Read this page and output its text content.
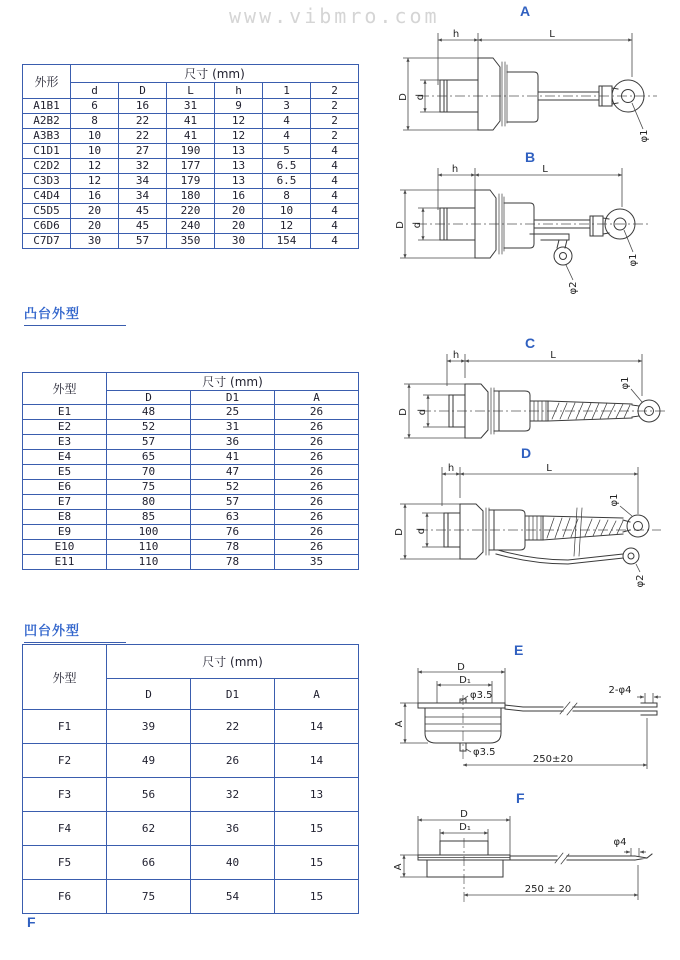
www.vibmro.com	A
B
C
D
E
F
凸台外型
凹台外型
外形	尺寸 (mm)					
	d	D	L	h	1	2
A1B1	6	16	31	9	3	2
A2B2	8	22	41	12	4	2
A3B3	10	22	41	12	4	2
C1D1	10	27	190	13	5	4
C2D2	12	32	177	13	6.5	4
C3D3	12	34	179	13	6.5	4
C4D4	16	34	180	16	8	4
C5D5	20	45	220	20	10	4
C6D6	20	45	240	20	12	4
C7D7	30	57	350	30	154	4
外型	尺寸 (mm)		
	D	D1	A
E1	48	25	26
E2	52	31	26
E3	57	36	26
E4	65	41	26
E5	70	47	26
E6	75	52	26
E7	80	57	26
E8	85	63	26
E9	100	76	26
E10	110	78	26
E11	110	78	35
外型	尺寸 (mm)		
	D	D1	A
F1	39	22	14
F2	49	26	14
F3	56	32	13
F4	62	36	15
F5	66	40	15
F6	75	54	15
h	L
D d
φ1
h	L
D d
φ1
φ2
h	L
D d
φ1
h	L
D d
φ1
φ2
D
D₁
φ3.5
A
φ3.5
2-φ4
250±20
D
D₁
A
φ4
250 ± 20
F
